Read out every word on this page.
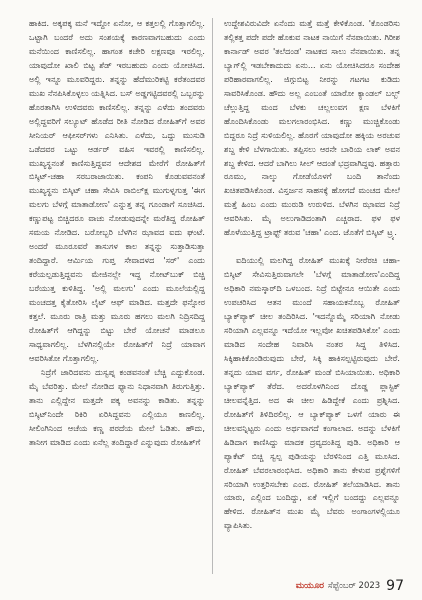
ಹಾಕಿದ. ಅಕ್ಕಪಕ್ಕ ಮನೆ ಇದ್ದೋ ಏನೋ, ಆ ಕತ್ತಲಲ್ಲಿ ಗೊತ್ತಾಗಲಿಲ್ಲ. ಒಟ್ಟಾಗಿ ಬಂದರೆ ಅದು ಸಂಶಯಕ್ಕೆ ಕಾರಣವಾಗಬಹುದು ಎಂದು ಮನೆಯಿಂದ ಕಾಣಿಸಲಿಲ್ಲ. ಹಾಗಂತ ಕಚೇರಿ ಲಕ್ಷಣವೂ ಇರಲಿಲ್ಲ. ಯಾವುದೋ ಖಾಲಿ ಬಿಟ್ಟ ಶೆಡ್‌ ಇರಬಹುದು ಎಂದು ಯೋಚಿಸಿದ. ಅಲ್ಲಿ ಇನ್ನೂ ಮೂವರಿದ್ದರು. ತನ್ನನ್ನು ಹೆದೆಮುರಿಕಟ್ಟಿ ಕರೆತಂದವರ ಮುಖ ನೆನಪಿಸಿಕೊಳ್ಳಲು ಯತ್ನಿಸಿದ. ಬಸ್‌ ಅಡ್ಡಗಟ್ಟಿದವರಲ್ಲಿ ಒಬ್ಬರನ್ನು ಹೊರತಾಗಿಸಿ ಉಳಿದವರು ಕಾಣಿಸಲಿಲ್ಲ. ತನ್ನನ್ನು ಎಳೆದು ತಂದವರು ಅಲ್ಲಿದ್ದವರಿಗೆ ಸಲ್ಯೂಟ್‌ ಹೊಡೆದ ರೀತಿ ನೋಡಿದ ರೋಹಿತ್‌ಗೆ ಅವರ ಸೀನಿಯರ್‌ ಆಫೀಸರ್‌ಗಳು ಎನಿಸಿತು. ಎಳೆದು, ಒದ್ದು ಮುಸುಡಿ ಒಡೆದವರ ಒಟ್ಟು ಆರ್ಡರ್ ವಹಿಸ ಇವರಲ್ಲಿ ಕಾಣಿಸಲಿಲ್ಲ. ಮುಖ್ಯಸ್ಥನಂತೆ ಕಾಣಿಸುತ್ತಿದ್ದವನ ಆದೇಶದ ಮೇರೆಗೆ ರೋಹಿತ್‌ಗೆ ಬಿಸ್ಕಿಟ್‌-ಚಹಾ ಸರಬರಾಜಾಯಿತು. ಕಂಪನಿ ಕೊಡುವವನಂತೆ ಮುಖ್ಯಸ್ಥನು ಬಿಸ್ಕಿಟ್‌ ಚಹಾ ಸೇವಿಸಿ ರಾಬಿಲ್‌ಕ್ಷ ಮುಗುಳ್ನಗುತ್ತ 'ಈಗ ಮಲಗು ಬೆಳಗ್ಗೆ ಮಾತಾಡೋಣ' ಎನ್ನುತ್ತ ತನ್ನ ಗೂಂಡಾಗೆ ಸೂಚಿಸಿದ. ಕಣ್ಣುಪಟ್ಟ ಬಿಚ್ಚಿದರೂ ವಾಚು ನೋಡುವುದನ್ನೇ ಮರೆತಿದ್ದ ರೋಹಿತ್‌ ಸಮಯ ನೋಡಿದ. ಬರೋಬ್ಬರಿ ಬೆಳಗಿನ ಝಾವದ ಐದು ಘಂಟೆ. ಅಂದರೆ ಮೂರೂವರೆ ತಾಸುಗಳ ಕಾಲ ತನ್ನನ್ನು ಸುತ್ತಾಡಿಸುತ್ತಾ ತಂದಿದ್ದಾರೆ. ಆರ್ಮಿಯ ಗುಪ್ತ ಸೇವಾದಳದ 'ಸರ್‌' ಎಂದು ಕರೆಯಲ್ಪಡುತ್ತಿದ್ದವನು ಮೇಜಿನಲ್ಲೇ ಇದ್ದ ನೋಟ್‌ಬುಕ್‌ ಬಿಚ್ಚಿ ಬರೆಯುತ್ತ ಕುಳಿತಿದ್ದ. 'ಅಲ್ಲಿ ಮಲಗು' ಎಂದು ಮೂಲೆಯಲ್ಲಿದ್ದ ಮಂಚದತ್ತ ಕೈತೋರಿಸಿ ಲೈಟ್‌ ಆಫ್‌ ಮಾಡಿದ. ಮತ್ತದೇ ಫನ್ಸೋರ ಕತ್ತಲೆ. ಮೂರು ರಾತ್ರಿ ಮತ್ತು ಮೂರು ಹಗಲು ಮಲಗಿ ನಿದ್ರಿಸದಿದ್ದ ರೋಹಿತ್‌ಗೆ ಆಗಿದ್ದನ್ನು ಬಿಟ್ಟು ಬೇರೆ ಯೋಚನೆ ಮಾಡಲೂ ಸಾಧ್ಯವಾಗಲಿಲ್ಲ. ಬೆಳಗಿನಲ್ಲಿಯೇ ರೋಹಿತ್‌ಗೆ ನಿದ್ರೆ ಯಾವಾಗ ಆವರಿಸಿತೋ ಗೊತ್ತಾಗಲಿಲ್ಲ.

ನಿದ್ರೆಗೆ ಜಾರಿದವನು ದುಸ್ವಪ್ನ ಕಂಡವನಂತೆ ಬೆಚ್ಚಿ ಎದ್ದುಕೊಂಡ. ಮೈ ಬೆವರಿತ್ತು. ಮೇಲೆ ನೋಡಿದ ಫ್ಯಾನು ನಿಧಾನವಾಗಿ ತಿರುಗುತ್ತಿತ್ತು. ತಾನು ಎಲ್ಲಿದ್ದೇನ ಮತ್ತದೇ ಪಕ್ಕ ಅವನನ್ನು ಕಾಡಿತು. ತನ್ನನ್ನು ಬಿಸ್ಕಿಟ್‌ನಿಂದೇ ಠಿಕಿರಿ ಏರಿಸಿದ್ದವನು ಎಲ್ಲಿಯೂ ಕಾಣಲಿಲ್ಲ. ಸೀಲಿಂಗಿನಿಂದ ಆಚೆಯ ಕಣ್ಣ ಪರದೆಯ ಮೇಲೆ ಓಡಿತು. ಹೌದು, ತಾನೀಗ ಮಾಡಿದ ಎಂದು ಏನೆಲ್ಲ ತಂದಿದ್ದಾರೆ ಎನ್ನುವುದು ರೋಹಿತ್‌ಗೆ

ಉದ್ದೇಶವಿರುವಿದೇ ಏನೆಂದು ಮತ್ತೆ ಮತ್ತೆ ಕೇಳಿಕೊಂಡ. 'ಕೊಂಡರಿಸು ತಲ್ಲಿಕತ್ತ ಪದೇ ಪದೇ ಹೊಕುವ ನಾಟಕ ನಾಯಿಗೆ ನೆನಪಾಯಿತು. ಗಿರೀಶ ಕಾರ್ನಾಡ್‌ ಅವರ 'ತಲೆದಂಡ' ನಾಟಕದ ಸಾಲು ನೆನಪಾಯಿತು. ತನ್ನ ಬ್ಯಾಗ್‌ಲ್ಲಿ ಇಡಬೇಕಾದುದು ಏನು... ಏನು ಯೋಚಿಸಿದರೂ ಸಂದೇಹ ಪರಿಹಾರವಾಗಲಿಲ್ಲ. ಜಿಗ್ಗುಬಿಟ್ಟ ನೀರನ್ನು ಗಟಗಟ ಕುಡಿದು ಸಾವರಿಸಿಕೊಂಡ. ಹೌದು ಅಲ್ಲ ಎಂಬಂತೆ ಯಾರೋ ಕ್ಯಾಂಡಲ್‌ ಬಲ್ಬ್‌ ಚೆಲ್ಲುತ್ತಿದ್ದ ಮಂದ ಬೆಳಕು ಚಲ್ಲಲುವಗ ಕ್ಷಣ ಬೆಳಕಿಗೆ ಹೊಂದಿಸಿಕೊಂಡು ಮಲಗಲಾರಂಭಿಸಿದ. ಕಣ್ಣು ಮುಚ್ಚಿಕೊಂಡು ಬಿದ್ದರೂ ನಿದ್ರೆ ಸುಳಿಯಲಿಲ್ಲ. ಹೊರಗೆ ಯಾವುದೋ ಹಕ್ಕಿಯ ಅರಚುವ ಶಬ್ದ ಕೇಳಿ ಬೆಳಗಾಯಿತು. ತಪ್ಪಿಸಲು ಆರನೇ ಬಾರಿಯ ಲಾಕ್‌ ಅವನ ಶಬ್ದ ಕೇಳಿದ. ಆದರೆ ಬಾಗಿಲು ಸೀಲ್‌ ಆದಂತೆ ಭದ್ರವಾಗಿದ್ದವು. ಹತ್ತಾರು ರೂಮು, ನಾಲ್ಕು ಗೋಡೆಯೊಳಗೆ ಬಂದಿ ತಾನೆಂದು ಖಚಿತಪಡಿಸಿಕೊಂಡ. ವಿಸ್ತರ್ಜನ ಸಾಹಸಕ್ಕೆ ಹೋಗದೆ ಮಂಚದ ಮೇಲೆ ಮತ್ತೆ ಹಿಂಬ ಎಂದು ಮುರುಡಿ ಉರುಳಿದ. ಬೆಳಗಿನ ಝಾವದ ನಿದ್ರೆ ಆವರಿಸಿತು. ಮೈ ಅಲುಗಾಡಿದಂತಾಗಿ ಎಚ್ಚರಾದ. ಫಳ ಫಳ ಹೊಳೆಯುತ್ತಿದ್ದ ಟ್ರಾಫ್ಟ್‌ ತರುವ 'ಚಹಾ' ಎಂದ. ಜೊತೆಗೆ ಬಿಸ್ಕಿಟ್‌ ಟ್ರ್ಯ.

ಐದಿಯುಲ್ಲಿ ಮಲಗಿದ್ದ ರೋಹಿತ್‌ ಮುಖಕ್ಕೆ ನೀರೆರಚಿ ಚಹಾ-ಬಿಸ್ಕಿಟ್‌ ಸೇವಿಸುತ್ತಿರುವಾಗಲೇ 'ಬೆಳಗ್ಗೆ ಮಾತಾಡೋಣ'ಎಂದಿದ್ದ ಅಧಿಕಾರಿ ನಮಸ್ಕಾರ್‌ದಿ ಒಳಬಂದ. ನಿದ್ರೆ ಬಿಟ್ಟೇನೂ ಆಯಿತೇ ಎಂದು ಉಪಚರಿಸಿದ ಆತನ ಮುಂದೆ ಸಹಾಯಕನೊಬ್ಬ ರೋಹಿತ್‌ ಬ್ಯಾಕ್‌ಪ್ಯಾಕ್‌ ಚೀಲ ತಂದಿರಿಸಿದ. 'ಇದನ್ನೊಮ್ಮೆ ಸರಿಯಾಗಿ ನೋಡು ಸರಿಯಾಗಿ ಎಲ್ಲವನ್ನೂ ಇದೆಯೋ ಇಲ್ಲವೋ ಖಚಿತಪಡಿಸಿಕೋ' ಎಂದು ಮಾಡಿದ ಸಂದೇಹ ನಿವಾರಿಸಿ ನಂತರ ಸಿದ್ದ ತಿಳಿಸಿದ. ಸಿಕ್ಕಿಹಾಕಿಕೊಂಡಿರುವುದು ಬೇರೆ, ಸಿಕ್ಕಿ ಹಾಕಿಸಲ್ಪಟ್ಟಿರುವುದು ಬೇರೆ. ತನ್ನದು ಯಾವ ವರ್ಗ, ರೋಹಿತ್‌ ಮಂಡೆ ಬಿಸಿಯಾಯಿತು. ಅಧಿಕಾರಿ ಬ್ಯಾಕ್‌ಪ್ಯಾಕ್‌ ತೆರೆದ. ಅದರೊಳಗಿನಿಂದ ದೊಡ್ಡ ಪ್ಲಾಸ್ಟಿಕ್‌ ಚೀಲವನ್ನೆತ್ತಿದ. ಅದ ಈ ಚೀಲ ಹಿಡಿದ್ದೇಕೆ ಎಂದು ಪ್ರಶ್ನಿಸಿದ. ರೋಹಿತ್‌ಗೆ ತಿಳಿದಿರಲಿಲ್ಲ. ಆ ಬ್ಯಾಕ್‌ಪ್ಯಾಕ್‌ ಒಳಗೆ ಯಾರು ಈ ಚೀಲವನ್ನಿಟ್ಟರು ಎಂದು ಅರ್ಥವಾಗದೆ ಕಂಗಾಲಾದ. ಅದನ್ನು ಬೆಳಕಿಗೆ ಹಿಡಿದಾಗ ಕಾಣಿಸಿದ್ದು ಮಾದಕ ದ್ರವ್ಯದಂತಿದ್ದ ಪುಡಿ. ಅಧಿಕಾರಿ ಆ ಪ್ಯಾಕೆಟ್‌ ಬಿಚ್ಚಿ ಸ್ವಲ್ಪ ಪುಡಿಯನ್ನು ಬೆರಳಿನಿಂದ ಎತ್ತಿ ಮೂಸಿದ. ರೋಹಿತ್‌ ಬೆವರಲಾರಂಭಿಸಿದ. ಅಧಿಕಾರಿ ತಾನು ಕೇಳುವ ಪ್ರಶ್ನೆಗಳಿಗೆ ಸರಿಯಾಗಿ ಉತ್ತರಿಸಬೇಕು ಎಂದ. ರೋಹಿತ್‌ ತಲೆಯಾಡಿಸಿದ. ತಾನು ಯಾರು, ಎಲ್ಲಿಂದ ಬಂದಿದ್ದು, ಏಕೆ ಇಲ್ಲಿಗೆ ಬಂದದ್ದು ಎಲ್ಲವನ್ನೂ ಹೇಳಿದ. ರೋಹಿತ್‌ನ ಮುಖ ಮೈ ಬೆವರು ಅಂಗಾಂಗಳಲ್ಲಿಯೂ ವ್ಯಾಪಿಸಿತು.

ಮಯೂರ ಸೆಪ್ಟೆಂಬರ್‌ 2023 97
